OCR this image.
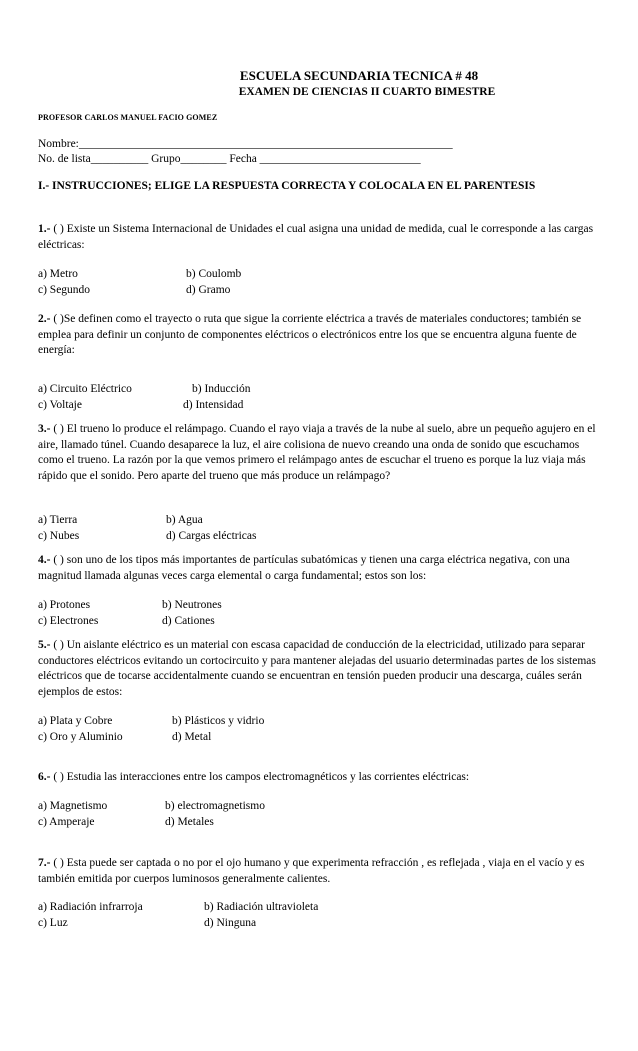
ESCUELA SECUNDARIA TECNICA # 48
EXAMEN DE CIENCIAS II CUARTO BIMESTRE
PROFESOR CARLOS MANUEL FACIO GOMEZ
Nombre:_________________________________________________________________
No. de lista__________ Grupo________ Fecha ____________________________
I.- INSTRUCCIONES; ELIGE LA RESPUESTA CORRECTA Y COLOCALA EN EL PARENTESIS
1.- ( ) Existe un Sistema Internacional de Unidades el cual asigna una unidad de medida, cual le corresponde a las cargas eléctricas:
a) Metro	b) Coulomb
c) Segundo	d) Gramo
2.- ( )Se definen como el trayecto o ruta que sigue la corriente eléctrica a través de materiales conductores; también se emplea para definir un conjunto de componentes eléctricos o electrónicos entre los que se encuentra alguna fuente de energía:
a) Circuito Eléctrico	b) Inducción
c) Voltaje	d) Intensidad
3.- ( ) El trueno lo produce el relámpago. Cuando el rayo viaja a través de la nube al suelo, abre un pequeño agujero en el aire, llamado túnel. Cuando desaparece la luz, el aire colisiona de nuevo creando una onda de sonido que escuchamos como el trueno. La razón por la que vemos primero el relámpago antes de escuchar el trueno es porque la luz viaja más rápido que el sonido. Pero aparte del trueno que más produce un relámpago?
a) Tierra	b) Agua
c) Nubes	d) Cargas eléctricas
4.- ( ) son uno de los tipos más importantes de partículas subatómicas y tienen una carga eléctrica negativa, con una magnitud llamada algunas veces carga elemental o carga fundamental; estos son los:
a) Protones	b) Neutrones
c) Electrones	d) Cationes
5.- ( ) Un aislante eléctrico es un material con escasa capacidad de conducción de la electricidad, utilizado para separar conductores eléctricos evitando un cortocircuito y para mantener alejadas del usuario determinadas partes de los sistemas eléctricos que de tocarse accidentalmente cuando se encuentran en tensión pueden producir una descarga, cuáles serán ejemplos de estos:
a) Plata y Cobre	b) Plásticos y vidrio
c) Oro y Aluminio	d) Metal
6.- ( ) Estudia las interacciones entre los campos electromagnéticos y las corrientes eléctricas:
a) Magnetismo	b) electromagnetismo
c) Amperaje	d) Metales
7.- ( ) Esta puede ser captada o no por el ojo humano y que experimenta refracción , es reflejada , viaja en el vacío y es también emitida por cuerpos luminosos generalmente calientes.
a) Radiación infrarroja	b) Radiación ultravioleta
c) Luz	d) Ninguna
